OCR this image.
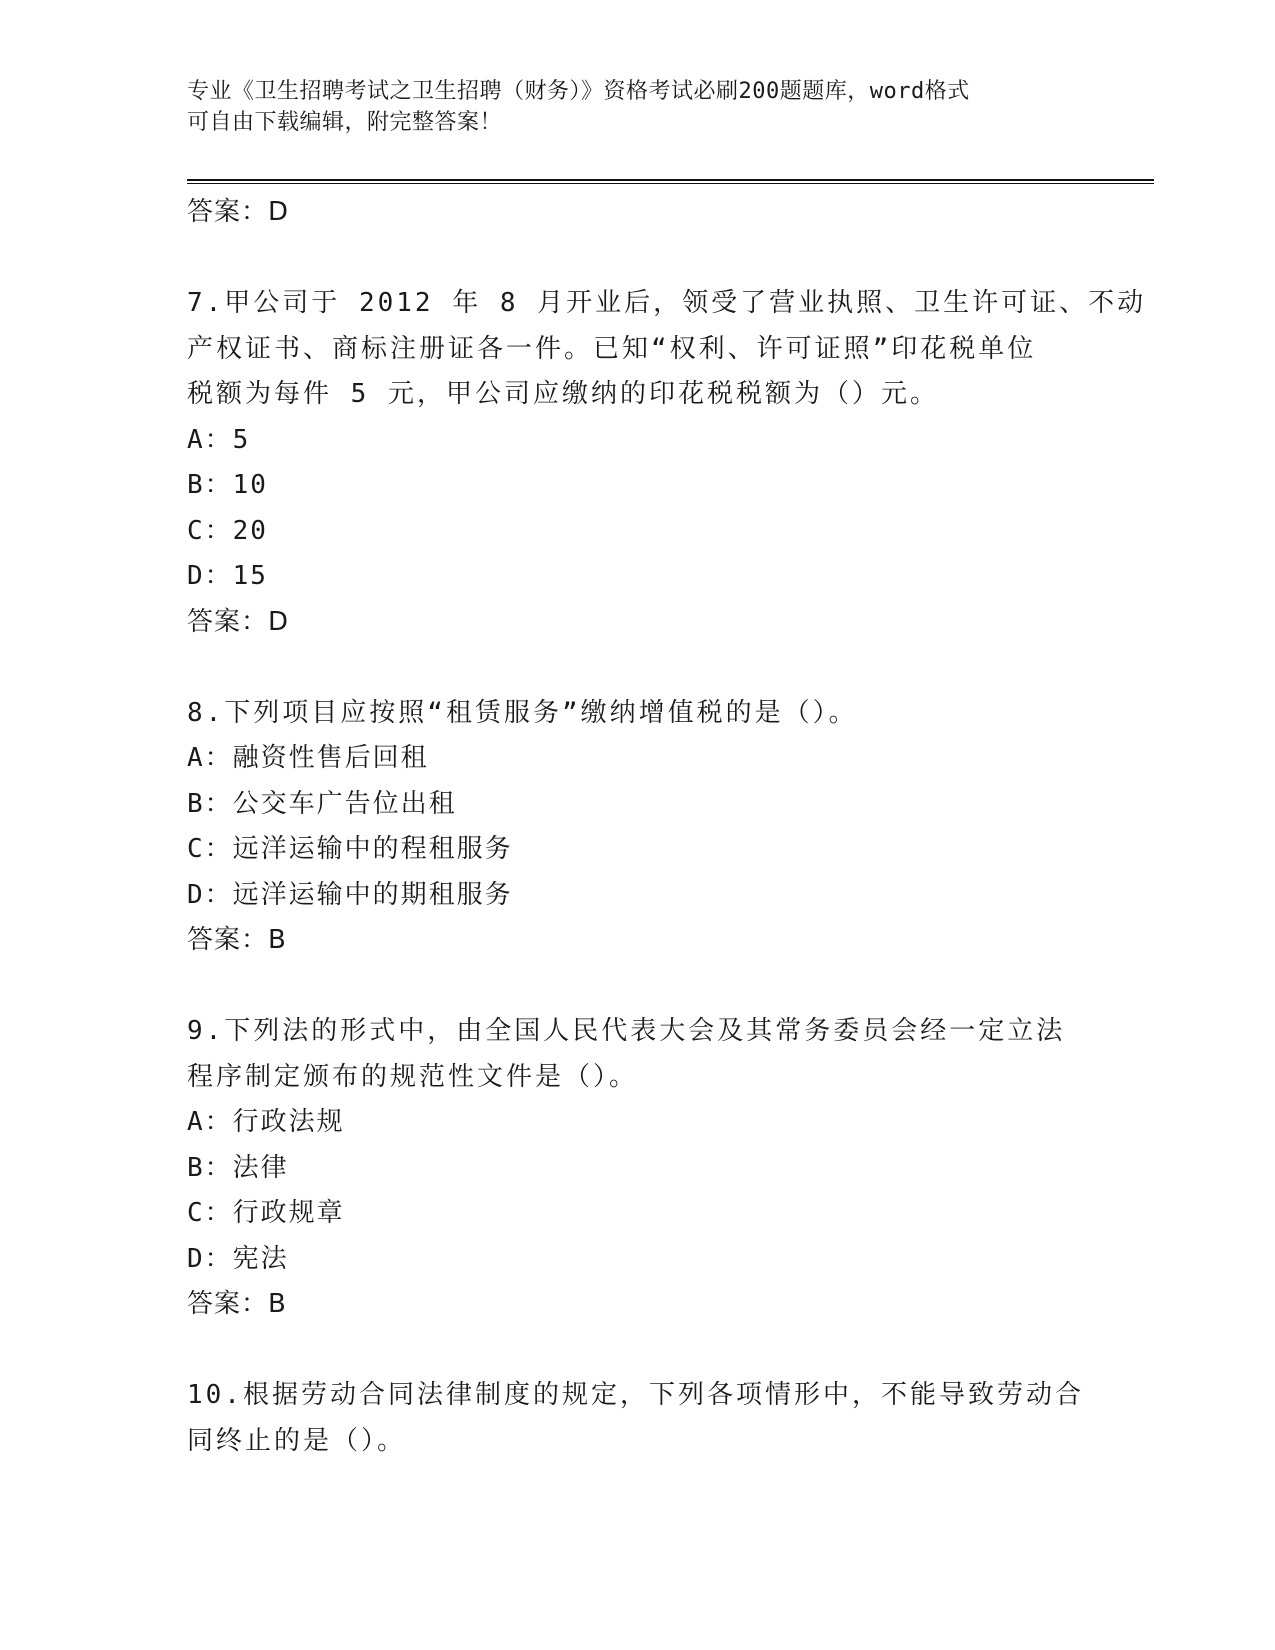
专业《卫生招聘考试之卫生招聘（财务）》资格考试必刷200题题库，word格式
可自由下载编辑，附完整答案！
答案：D
7.甲公司于 2012 年 8 月开业后，领受了营业执照、卫生许可证、不动
产权证书、商标注册证各一件。已知“权利、许可证照”印花税单位
税额为每件 5 元，甲公司应缴纳的印花税税额为（）元。
A：5
B：10
C：20
D：15
答案：D
8.下列项目应按照“租赁服务”缴纳增值税的是（）。
A：融资性售后回租
B：公交车广告位出租
C：远洋运输中的程租服务
D：远洋运输中的期租服务
答案：B
9.下列法的形式中，由全国人民代表大会及其常务委员会经一定立法
程序制定颁布的规范性文件是（）。
A：行政法规
B：法律
C：行政规章
D：宪法
答案：B
10.根据劳动合同法律制度的规定，下列各项情形中，不能导致劳动合
同终止的是（）。
